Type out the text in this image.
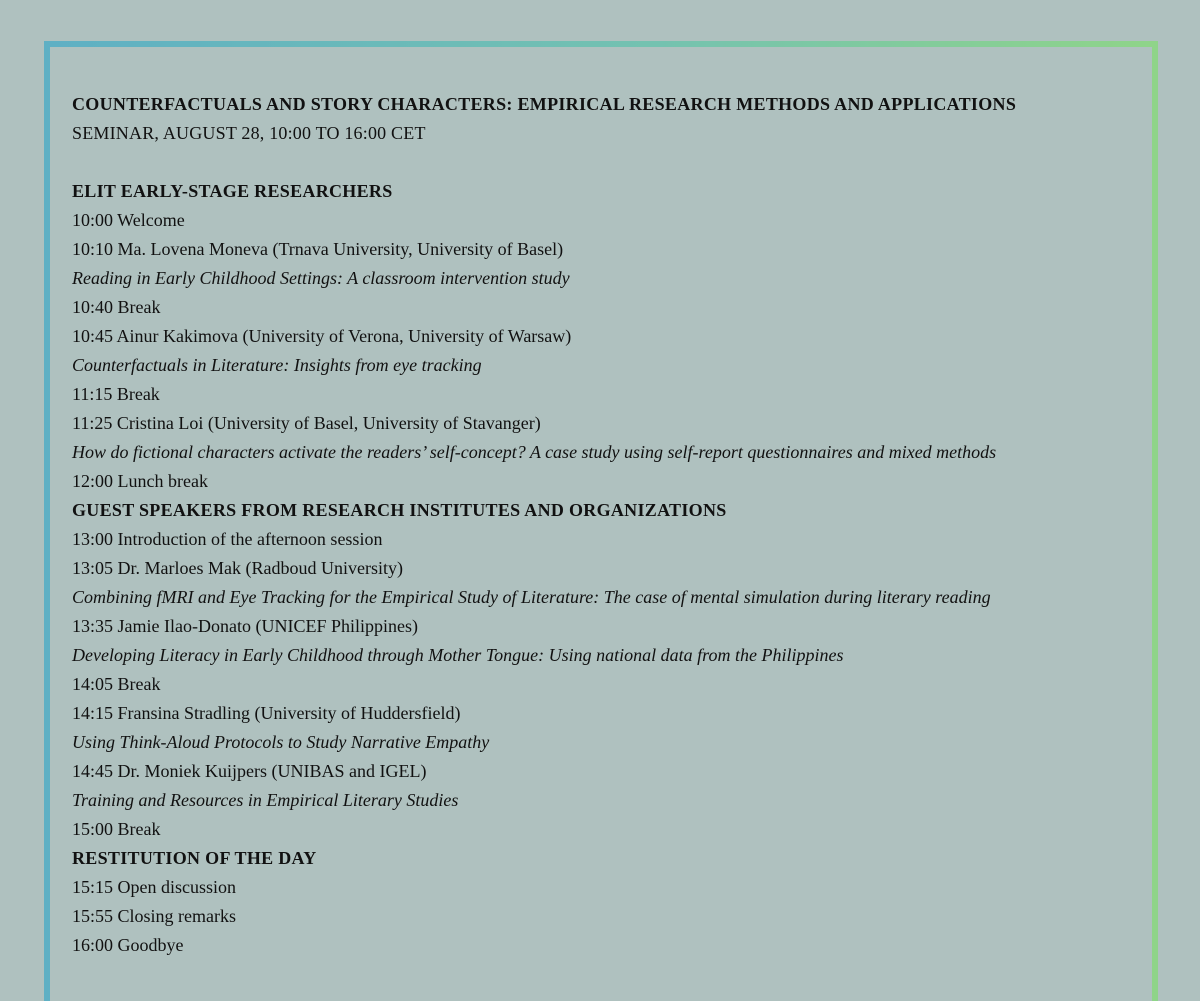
COUNTERFACTUALS AND STORY CHARACTERS: EMPIRICAL RESEARCH METHODS AND APPLICATIONS
SEMINAR, AUGUST 28, 10:00 TO 16:00 CET
ELIT EARLY-STAGE RESEARCHERS
10:00 Welcome
10:10 Ma. Lovena Moneva (Trnava University, University of Basel)
Reading in Early Childhood Settings: A classroom intervention study
10:40 Break
10:45 Ainur Kakimova (University of Verona, University of Warsaw)
Counterfactuals in Literature: Insights from eye tracking
11:15 Break
11:25 Cristina Loi (University of Basel, University of Stavanger)
How do fictional characters activate the readers’ self-concept? A case study using self-report questionnaires and mixed methods
12:00 Lunch break
GUEST SPEAKERS FROM RESEARCH INSTITUTES AND ORGANIZATIONS
13:00 Introduction of the afternoon session
13:05 Dr. Marloes Mak (Radboud University)
Combining fMRI and Eye Tracking for the Empirical Study of Literature: The case of mental simulation during literary reading
13:35 Jamie Ilao-Donato (UNICEF Philippines)
Developing Literacy in Early Childhood through Mother Tongue: Using national data from the Philippines
14:05 Break
14:15 Fransina Stradling (University of Huddersfield)
Using Think-Aloud Protocols to Study Narrative Empathy
14:45 Dr. Moniek Kuijpers (UNIBAS and IGEL)
Training and Resources in Empirical Literary Studies
15:00 Break
RESTITUTION OF THE DAY
15:15 Open discussion
15:55 Closing remarks
16:00 Goodbye
